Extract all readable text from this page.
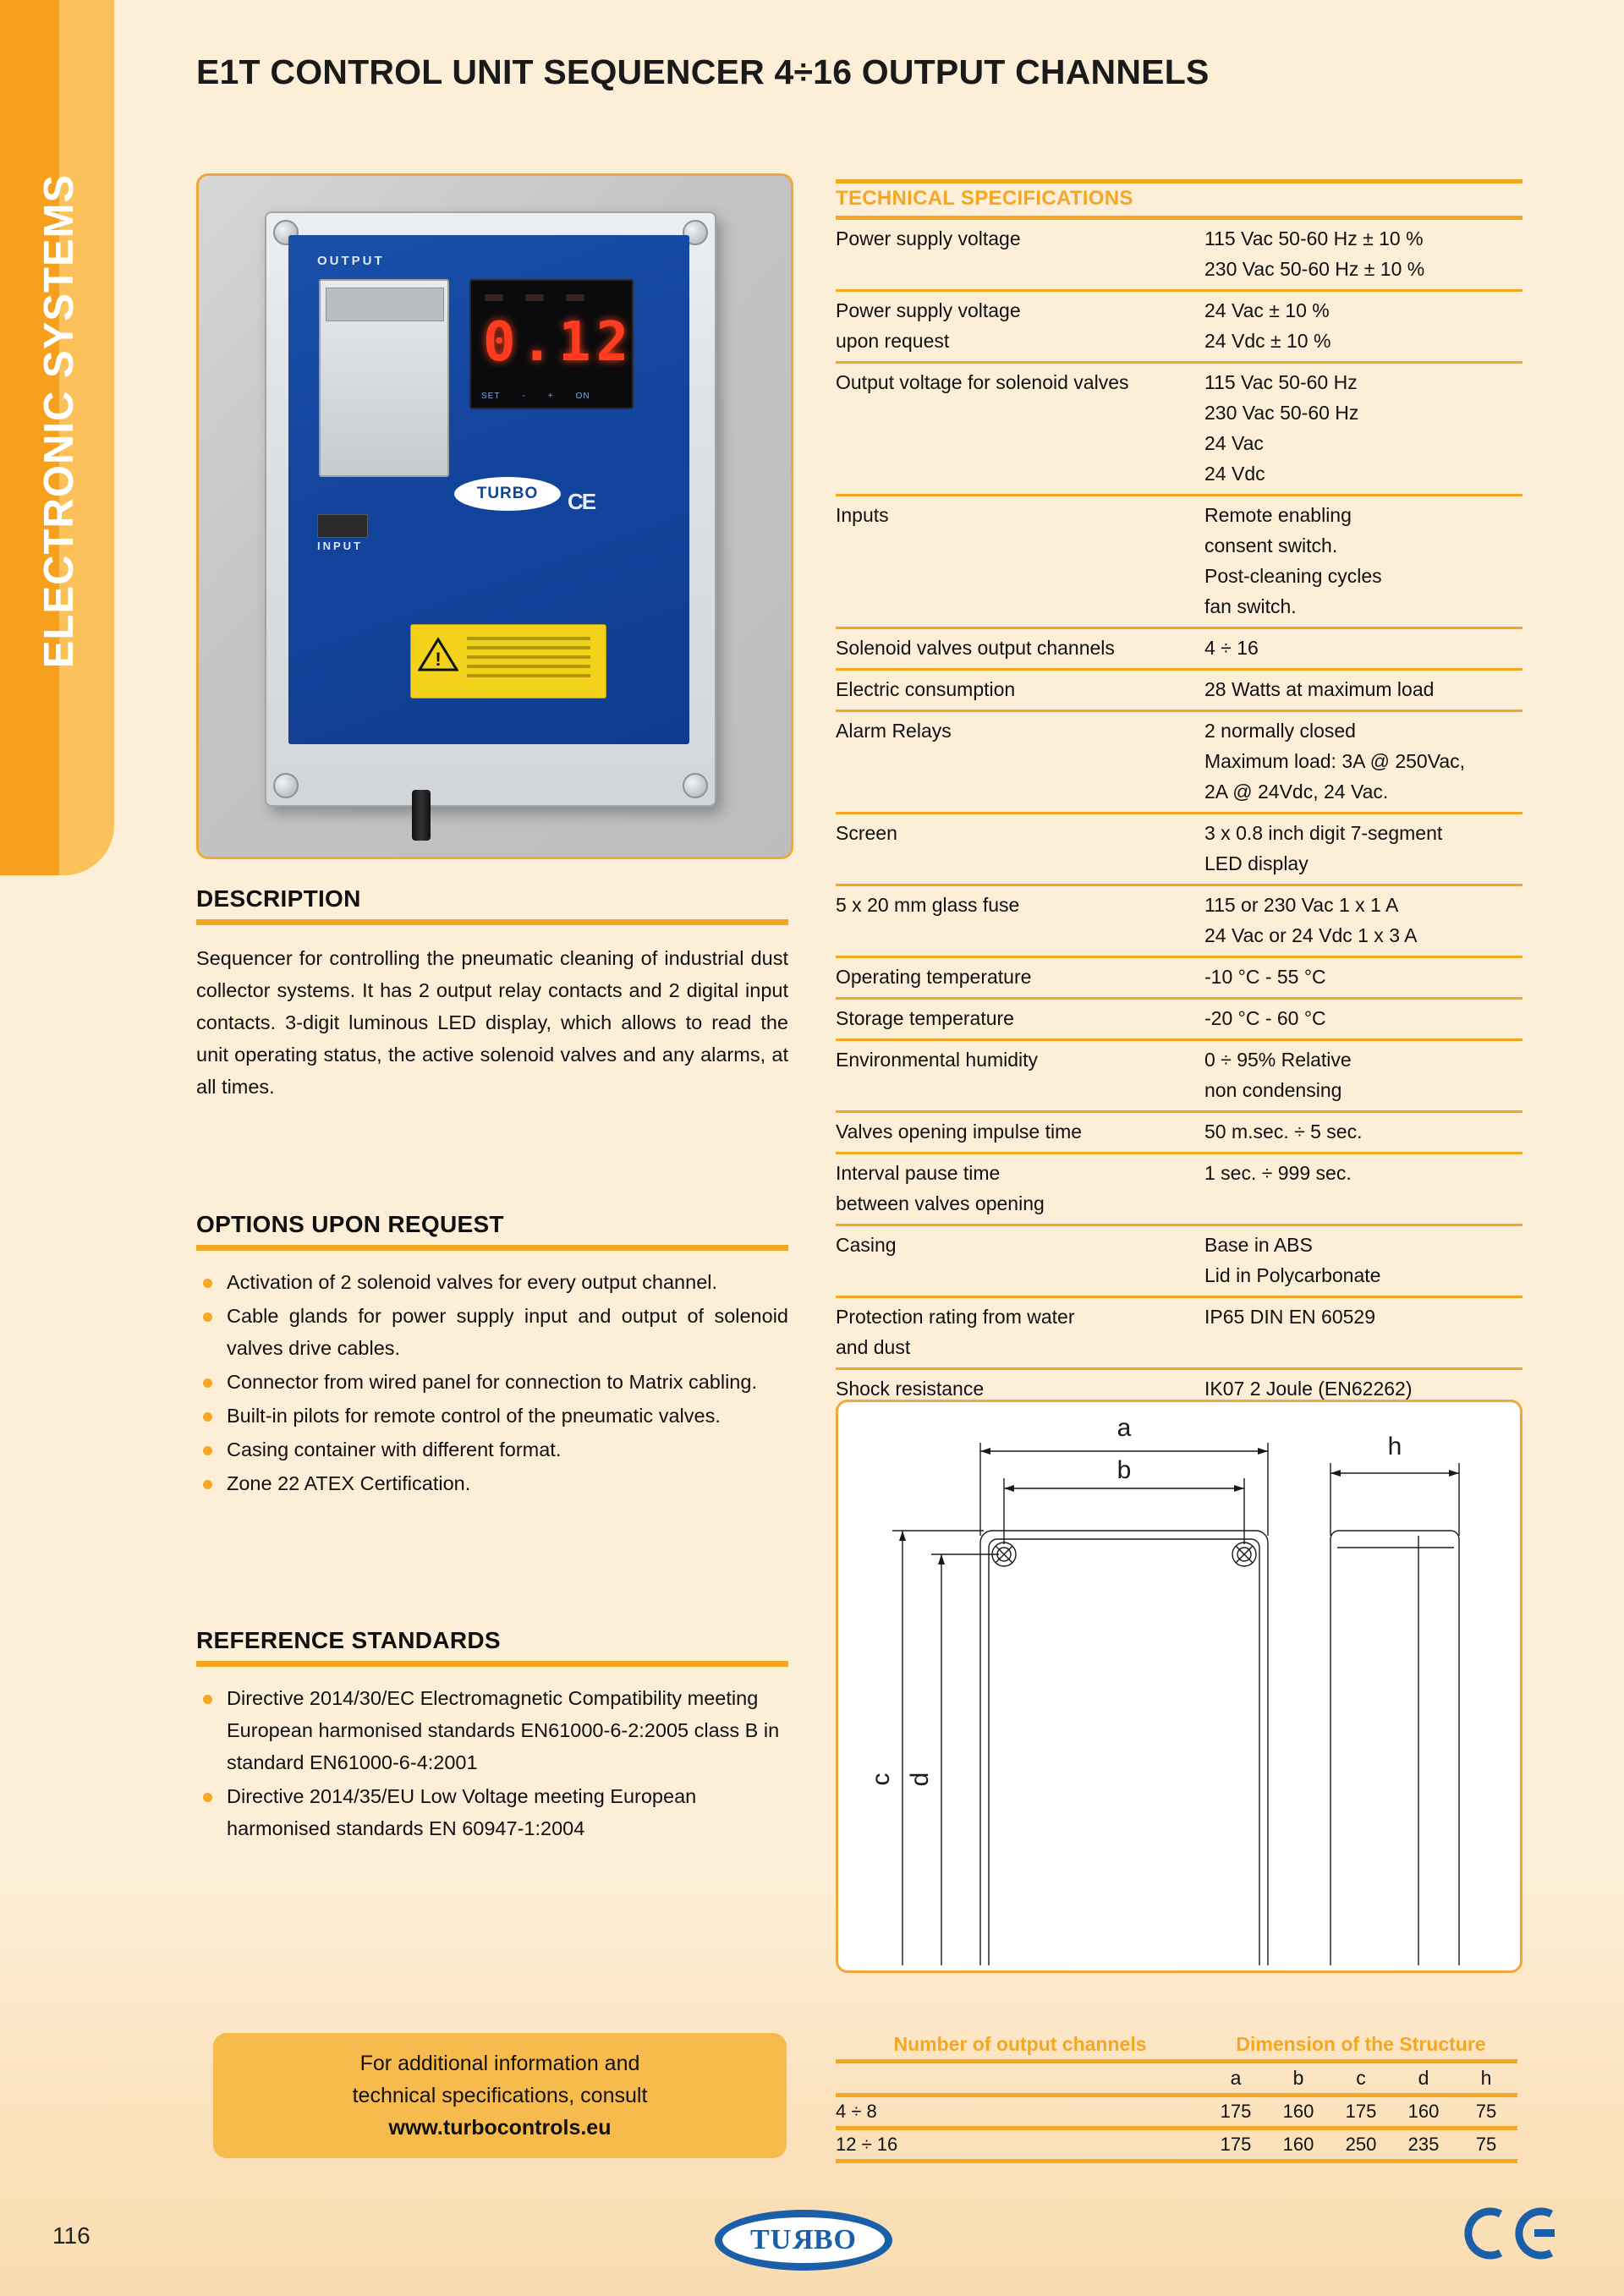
ELECTRONIC SYSTEMS
E1T CONTROL UNIT SEQUENCER 4÷16 OUTPUT CHANNELS
OUTPUT
0.12
SET	-	+	ON
TURBO	CE
INPUT
!
DESCRIPTION
Sequencer for controlling the pneumatic cleaning of industrial dust collector systems. It has 2 output relay contacts and 2 digital input contacts. 3-digit luminous LED display, which allows to read the unit operating status, the active solenoid valves and any alarms, at all times.
OPTIONS UPON REQUEST
Activation of 2 solenoid valves for every output channel.
Cable glands for power supply input and output of solenoid valves drive cables.
Connector from wired panel for connection to Matrix cabling.
Built-in pilots for remote control of the pneumatic valves.
Casing container with different format.
Zone 22 ATEX Certification.
REFERENCE STANDARDS
Directive 2014/30/EC Electromagnetic Compatibility meeting European harmonised standards EN61000-6-2:2005 class B in standard EN61000-6-4:2001
Directive 2014/35/EU Low Voltage meeting European harmonised standards EN 60947-1:2004
TECHNICAL SPECIFICATIONS
Power supply voltage	115 Vac 50-60 Hz ± 10 %
230 Vac 50-60 Hz ± 10 %
Power supply voltage
upon request	24 Vac ± 10 %
24 Vdc ± 10 %
Output voltage for solenoid valves	115 Vac 50-60 Hz
230 Vac 50-60 Hz
24 Vac
24 Vdc
Inputs	Remote enabling
consent switch.
Post-cleaning cycles
fan switch.
Solenoid valves output channels	4 ÷ 16
Electric consumption	28 Watts at maximum load
Alarm Relays	2 normally closed
Maximum load: 3A @ 250Vac,
2A @ 24Vdc, 24 Vac.
Screen	3 x 0.8 inch digit 7-segment
LED display
5 x 20 mm glass fuse	115 or 230 Vac 1 x 1 A
24 Vac or 24 Vdc 1 x 3 A
Operating temperature	-10 °C - 55 °C
Storage temperature	-20 °C - 60 °C
Environmental humidity	0 ÷ 95% Relative
non condensing
Valves opening impulse time	50 m.sec. ÷ 5 sec.
Interval pause time
between valves opening	1 sec. ÷ 999 sec.
Casing	Base in ABS
Lid in Polycarbonate
Protection rating from water
and dust	IP65 DIN EN 60529
Shock resistance	IK07 2 Joule (EN62262)
a
b
c d
h
For additional information and
technical specifications, consult
www.turbocontrols.eu
Number of output channels	Dimension of the Structure				
	a	b	c	d	h
4 ÷ 8	175	160	175	160	75
12 ÷ 16	175	160	250	235	75
116	TU R BO
